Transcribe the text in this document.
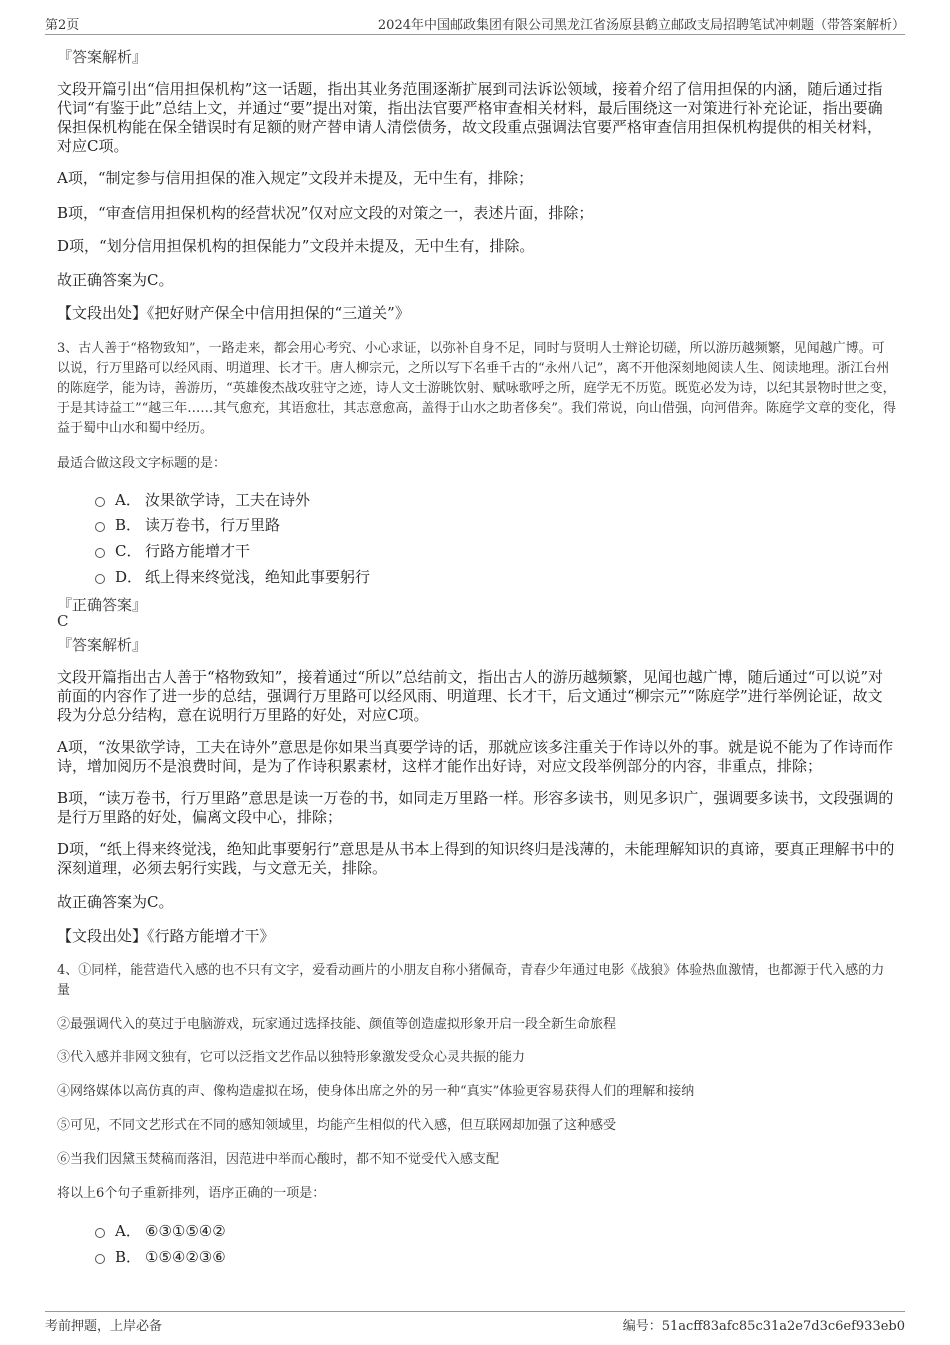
第2页	2024年中国邮政集团有限公司黑龙江省汤原县鹤立邮政支局招聘笔试冲刺题（带答案解析）
『答案解析』
文段开篇引出“信用担保机构”这一话题，指出其业务范围逐渐扩展到司法诉讼领域，接着介绍了信用担保的内涵，随后通过指代词“有鉴于此”总结上文，并通过“要”提出对策，指出法官要严格审查相关材料，最后围绕这一对策进行补充论证，指出要确保担保机构能在保全错误时有足额的财产替申请人清偿债务，故文段重点强调法官要严格审查信用担保机构提供的相关材料，对应C项。
A项，“制定参与信用担保的准入规定”文段并未提及，无中生有，排除；
B项，“审查信用担保机构的经营状况”仅对应文段的对策之一，表述片面，排除；
D项，“划分信用担保机构的担保能力”文段并未提及，无中生有，排除。
故正确答案为C。
【文段出处】《把好财产保全中信用担保的“三道关”》
3、古人善于“格物致知”，一路走来，都会用心考究、小心求证，以弥补自身不足，同时与贤明人士辩论切磋，所以游历越频繁，见闻越广博。可以说，行万里路可以经风雨、明道理、长才干。唐人柳宗元，之所以写下名垂千古的“永州八记”，离不开他深刻地阅读人生、阅读地理。浙江台州的陈庭学，能为诗，善游历，“英雄俊杰战攻驻守之迹，诗人文士游眺饮射、赋咏歌呼之所，庭学无不历览。既览必发为诗，以纪其景物时世之变，于是其诗益工”“越三年……其气愈充，其语愈壮，其志意愈高，盖得于山水之助者侈矣”。我们常说，向山借强，向河借奔。陈庭学文章的变化，得益于蜀中山水和蜀中经历。
最适合做这段文字标题的是：
A． 汝果欲学诗，工夫在诗外
B． 读万卷书，行万里路
C． 行路方能增才干
D． 纸上得来终觉浅，绝知此事要躬行
『正确答案』
C
『答案解析』
文段开篇指出古人善于“格物致知”，接着通过“所以”总结前文，指出古人的游历越频繁，见闻也越广博，随后通过“可以说”对前面的内容作了进一步的总结，强调行万里路可以经风雨、明道理、长才干，后文通过“柳宗元”“陈庭学”进行举例论证，故文段为分总分结构，意在说明行万里路的好处，对应C项。
A项，“汝果欲学诗，工夫在诗外”意思是你如果当真要学诗的话，那就应该多注重关于作诗以外的事。就是说不能为了作诗而作诗，增加阅历不是浪费时间，是为了作诗积累素材，这样才能作出好诗，对应文段举例部分的内容，非重点，排除；
B项，“读万卷书，行万里路”意思是读一万卷的书，如同走万里路一样。形容多读书，则见多识广，强调要多读书，文段强调的是行万里路的好处，偏离文段中心，排除；
D项，“纸上得来终觉浅，绝知此事要躬行”意思是从书本上得到的知识终归是浅薄的，未能理解知识的真谛，要真正理解书中的深刻道理，必须去躬行实践，与文意无关，排除。
故正确答案为C。
【文段出处】《行路方能增才干》
4、①同样，能营造代入感的也不只有文字，爱看动画片的小朋友自称小猪佩奇，青春少年通过电影《战狼》体验热血激情，也都源于代入感的力量
②最强调代入的莫过于电脑游戏，玩家通过选择技能、颜值等创造虚拟形象开启一段全新生命旅程
③代入感并非网文独有，它可以泛指文艺作品以独特形象激发受众心灵共振的能力
④网络媒体以高仿真的声、像构造虚拟在场，使身体出席之外的另一种“真实”体验更容易获得人们的理解和接纳
⑤可见，不同文艺形式在不同的感知领域里，均能产生相似的代入感，但互联网却加强了这种感受
⑥当我们因黛玉焚稿而落泪，因范进中举而心酸时，都不知不觉受代入感支配
将以上6个句子重新排列，语序正确的一项是：
A． ⑥③①⑤④②
B． ①⑤④②③⑥
考前押题，上岸必备	编号：51acff83afc85c31a2e7d3c6ef933eb0
